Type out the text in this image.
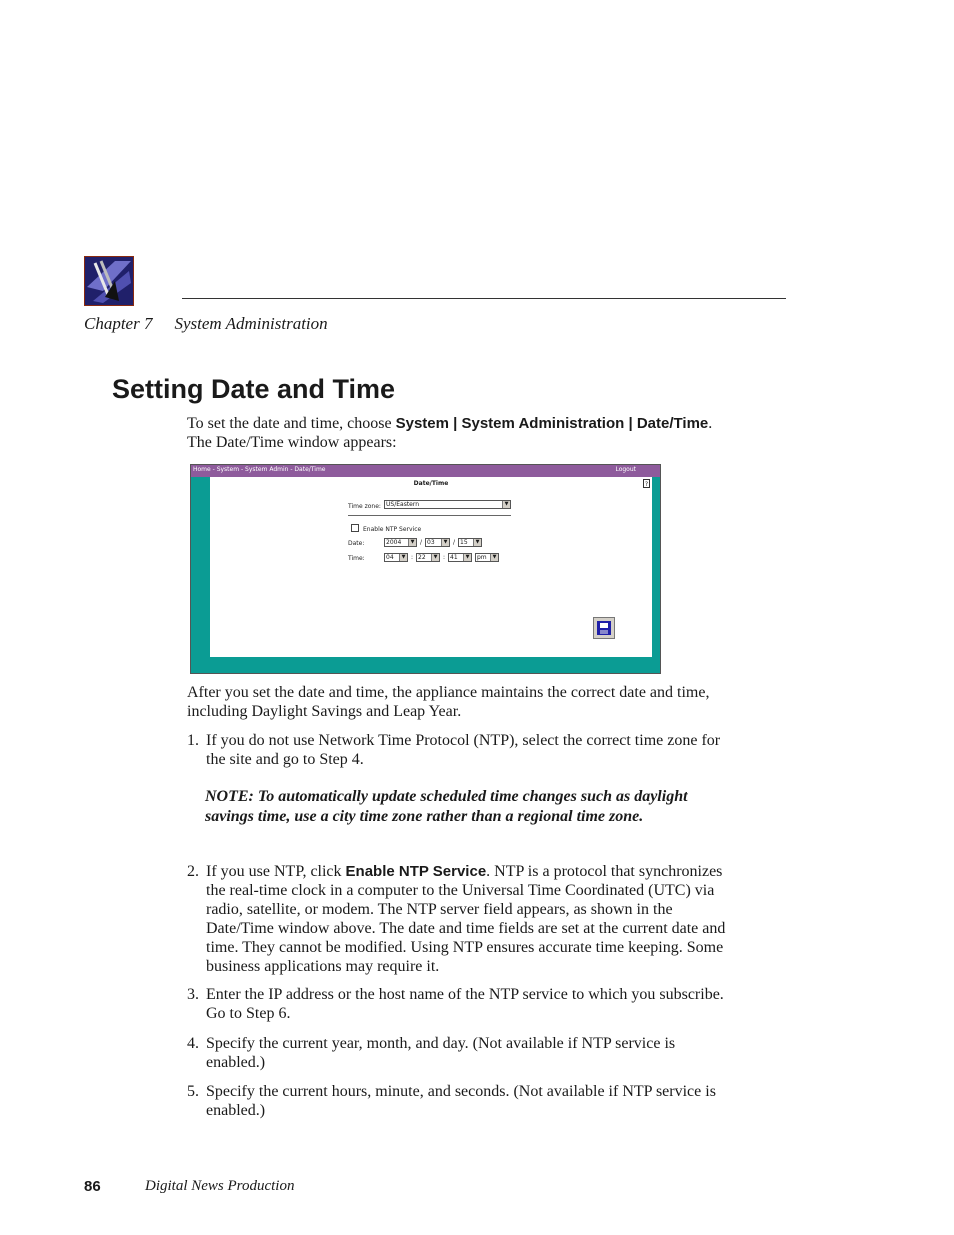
Chapter 7 System Administration
Setting Date and Time
To set the date and time, choose System | System Administration | Date/Time. The Date/Time window appears:
Home - System - System Admin - Date/Time	Logout
Date/Time	?
Time zone: US/Eastern	▼
Enable NTP Service
Date:	2004	▼ / 03	▼ / 15	▼
Time:	04	▼ : 22	▼ : 41	▼	pm	▼
After you set the date and time, the appliance maintains the correct date and time, including Daylight Savings and Leap Year.
1. If you do not use Network Time Protocol (NTP), select the correct time zone for the site and go to Step 4.
NOTE: To automatically update scheduled time changes such as daylight savings time, use a city time zone rather than a regional time zone.
2. If you use NTP, click Enable NTP Service. NTP is a protocol that synchronizes the real-time clock in a computer to the Universal Time Coordinated (UTC) via radio, satellite, or modem. The NTP server field appears, as shown in the Date/Time window above. The date and time fields are set at the current date and time. They cannot be modified. Using NTP ensures accurate time keeping. Some business applications may require it.
3. Enter the IP address or the host name of the NTP service to which you subscribe. Go to Step 6.
4. Specify the current year, month, and day. (Not available if NTP service is enabled.)
5. Specify the current hours, minute, and seconds. (Not available if NTP service is enabled.)
86	Digital News Production
